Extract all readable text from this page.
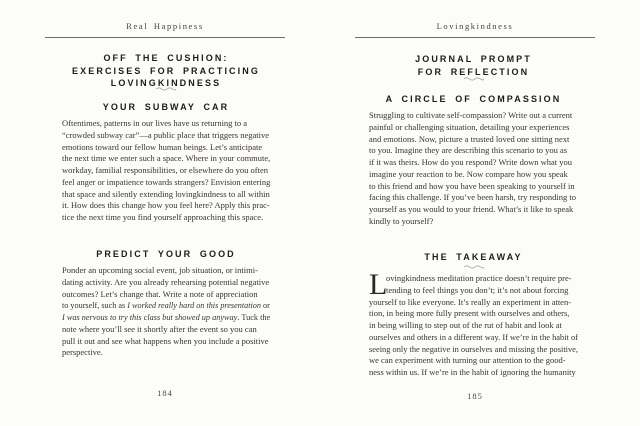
Real Happiness
OFF THE CUSHION:
EXERCISES FOR PRACTICING
LOVINGKINDNESS
YOUR SUBWAY CAR
Oftentimes, patterns in our lives have us returning to a
“crowded subway car”—a public place that triggers negative
emotions toward our fellow human beings. Let’s anticipate
the next time we enter such a space. Where in your commute,
workday, familial responsibilities, or elsewhere do you often
feel anger or impatience towards strangers? Envision entering
that space and silently extending lovingkindness to all within
it. How does this change how you feel here? Apply this prac-
tice the next time you find yourself approaching this space.
PREDICT YOUR GOOD
Ponder an upcoming social event, job situation, or intimi-
dating activity. Are you already rehearsing potential negative
outcomes? Let’s change that. Write a note of appreciation
to yourself, such as I worked really hard on this presentation or
I was nervous to try this class but showed up anyway. Tuck the
note where you’ll see it shortly after the event so you can
pull it out and see what happens when you include a positive
perspective.
184
Lovingkindness
JOURNAL PROMPT
FOR REFLECTION
A CIRCLE OF COMPASSION
Struggling to cultivate self-compassion? Write out a current
painful or challenging situation, detailing your experiences
and emotions. Now, picture a trusted loved one sitting next
to you. Imagine they are describing this scenario to you as
if it was theirs. How do you respond? Write down what you
imagine your reaction to be. Now compare how you speak
to this friend and how you have been speaking to yourself in
facing this challenge. If you’ve been harsh, try responding to
yourself as you would to your friend. What’s it like to speak
kindly to yourself?
THE TAKEAWAY
L
ovingkindness meditation practice doesn’t require pre-
tending to feel things you don’t; it’s not about forcing
yourself to like everyone. It’s really an experiment in atten-
tion, in being more fully present with ourselves and others,
in being willing to step out of the rut of habit and look at
ourselves and others in a different way. If we’re in the habit of
seeing only the negative in ourselves and missing the positive,
we can experiment with turning our attention to the good-
ness within us. If we’re in the habit of ignoring the humanity
185
